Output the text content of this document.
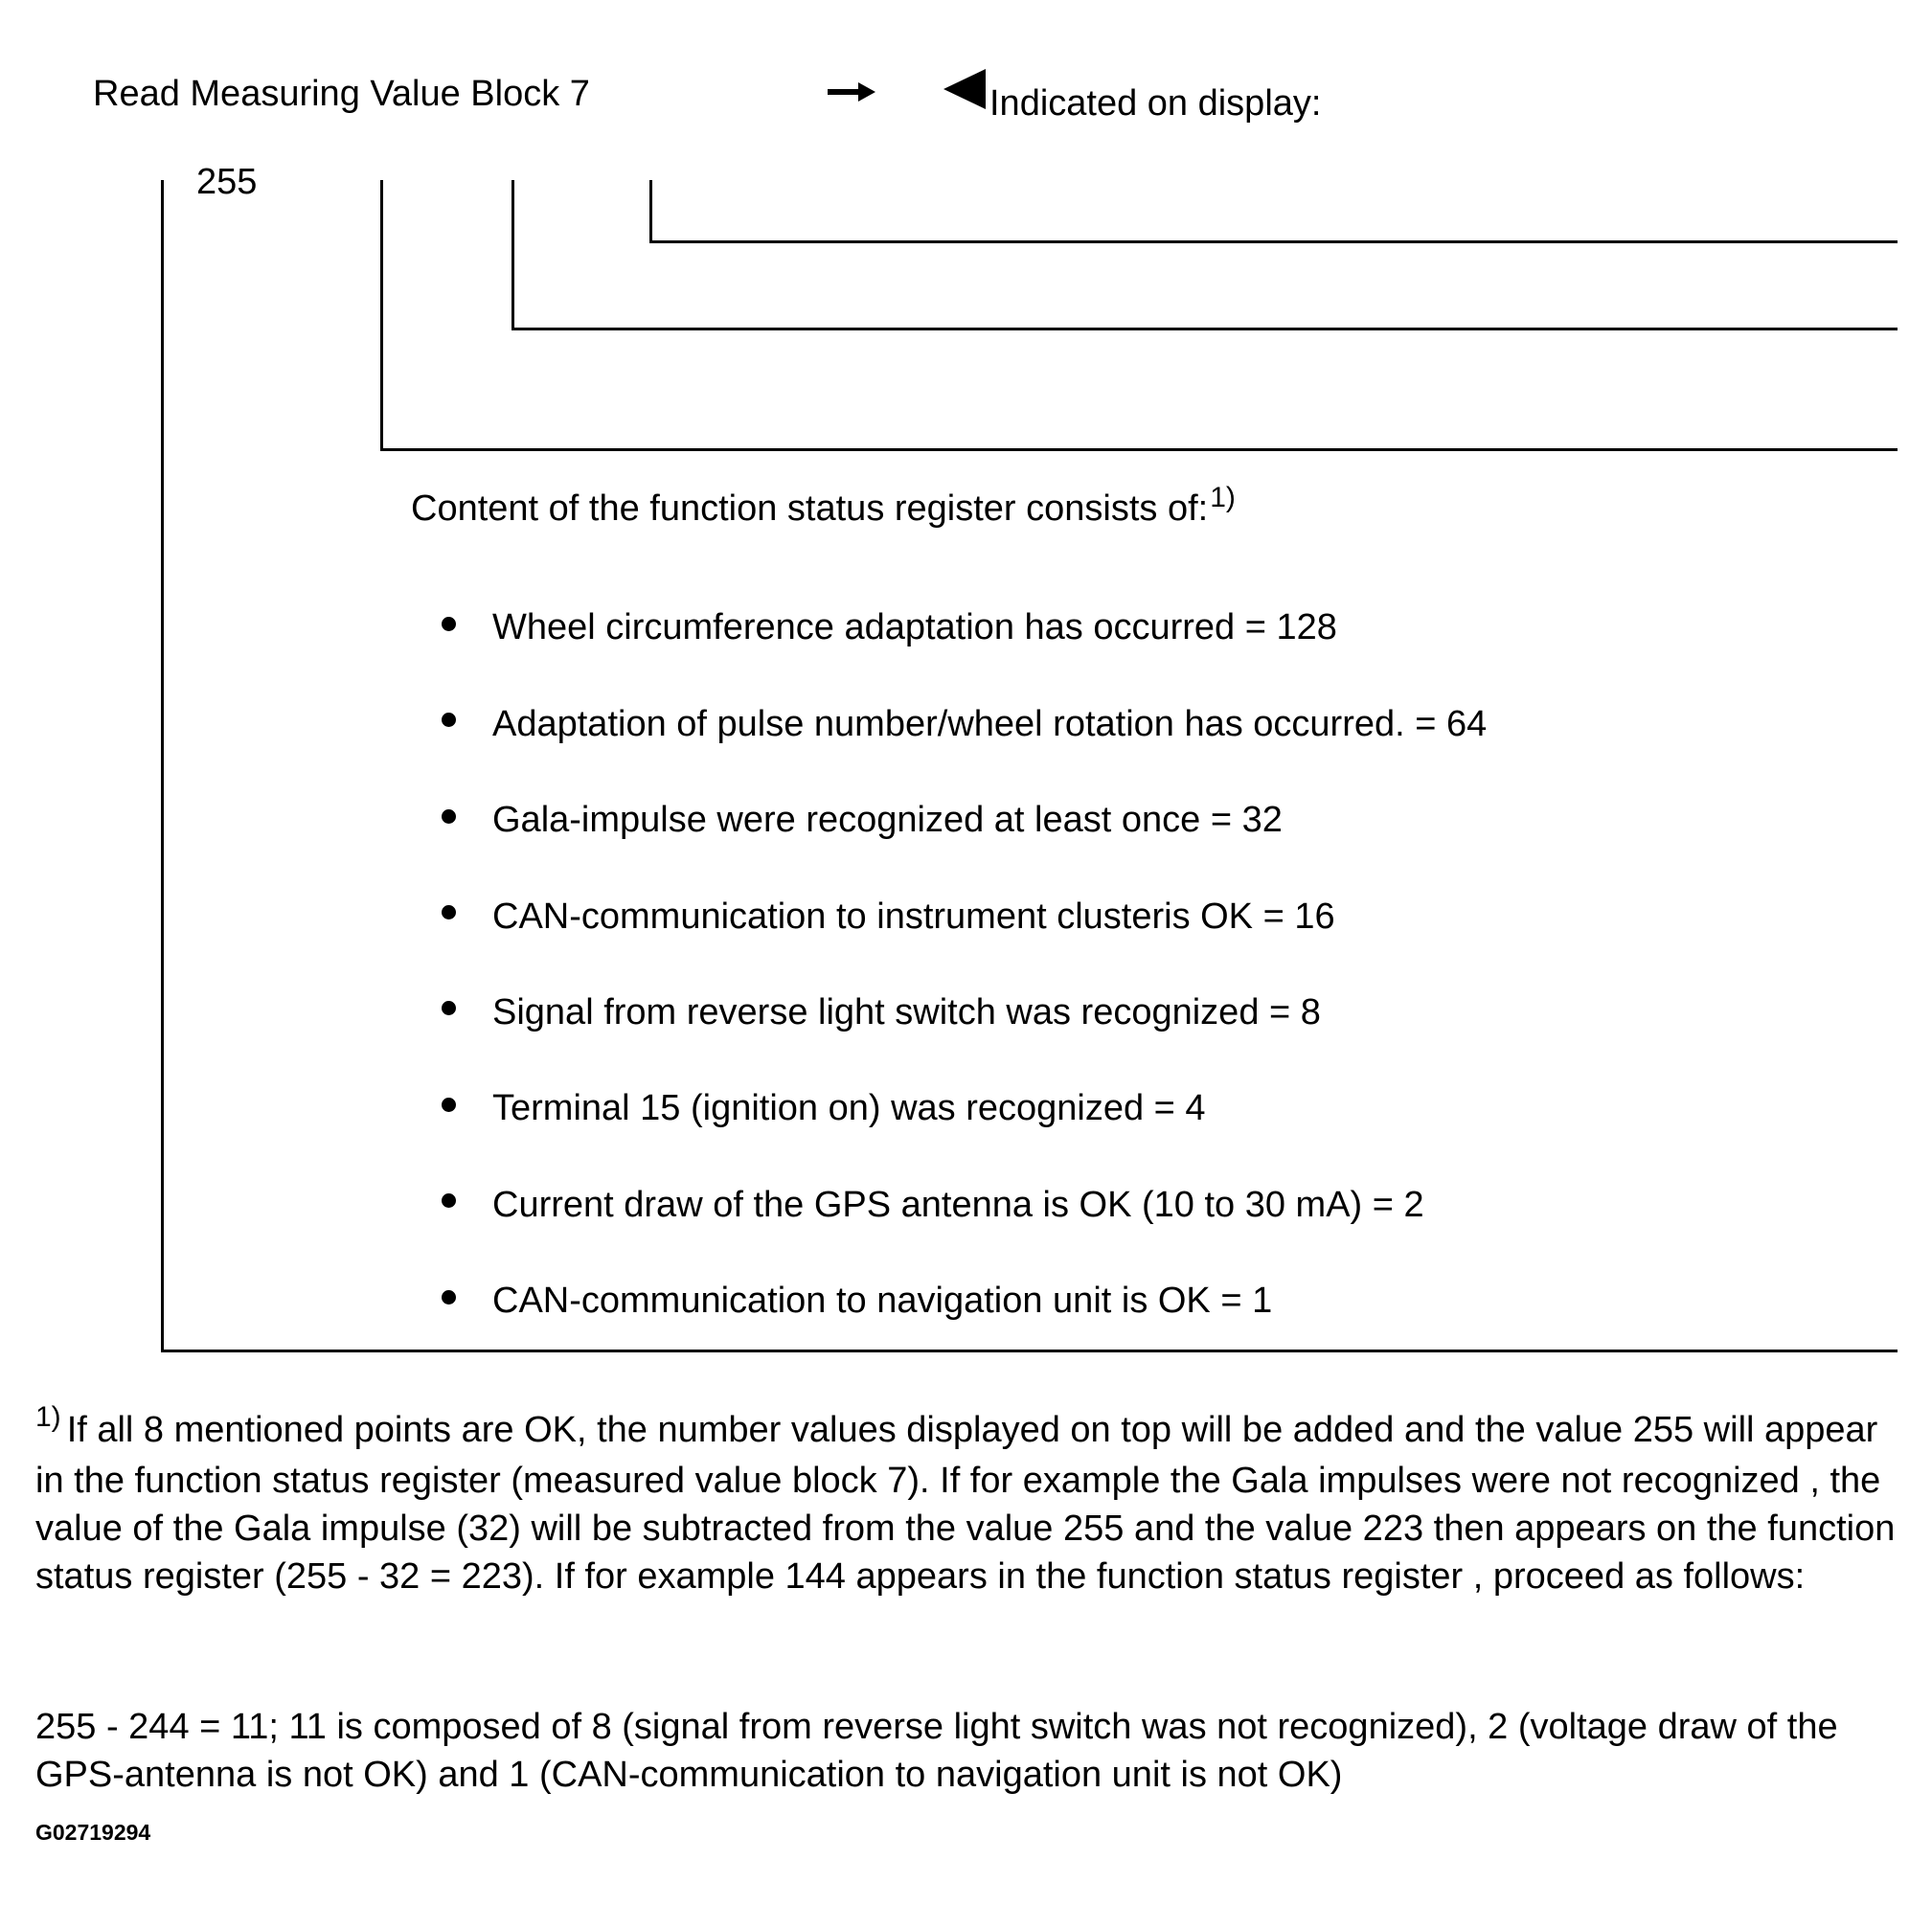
Read Measuring Value Block 7	Indicated on display:
255
Content of the function status register consists of:$^{1)}$
Wheel circumference adaptation has occurred = 128
Adaptation of pulse number/wheel rotation has occurred. = 64
Gala-impulse were recognized at least once = 32
CAN-communication to instrument clusteris OK = 16
Signal from reverse light switch was recognized = 8
Terminal 15 (ignition on) was recognized = 4
Current draw of the GPS antenna is OK (10 to 30 mA) = 2
CAN-communication to navigation unit is OK = 1
$^{1)}$ If all 8 mentioned points are OK, the number values displayed on top will be added and the value 255 will appear in the function status register (measured value block 7). If for example the Gala impulses were not recognized , the value of the Gala impulse (32) will be subtracted from the value 255 and the value 223 then appears on the function status register (255 - 32 = 223). If for example 144 appears in the function status register , proceed as follows:
255 - 244 = 11; 11 is composed of 8 (signal from reverse light switch was not recognized), 2 (voltage draw of the GPS-antenna is not OK) and 1 (CAN-communication to navigation unit is not OK)
G02719294
